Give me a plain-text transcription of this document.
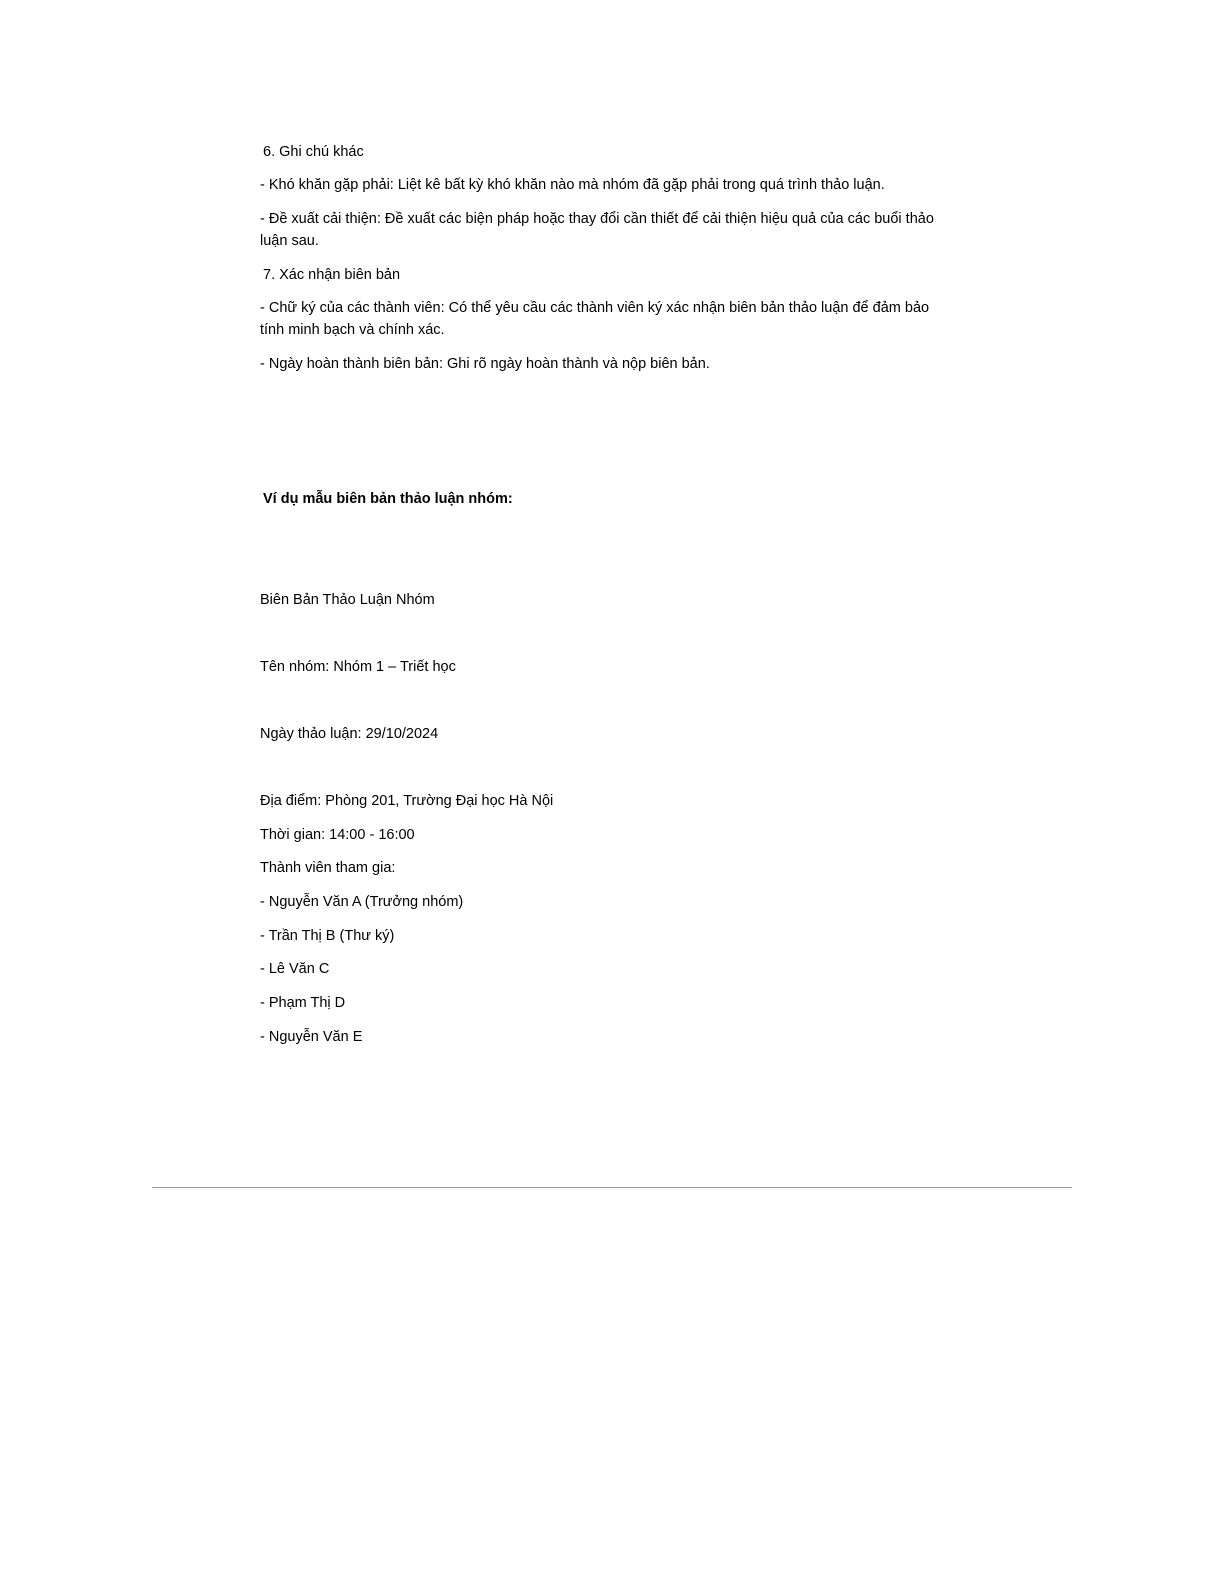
6. Ghi chú khác
- Khó khăn gặp phải: Liệt kê bất kỳ khó khăn nào mà nhóm đã gặp phải trong quá trình thảo luận.
- Đề xuất cải thiện: Đề xuất các biện pháp hoặc thay đổi cần thiết để cải thiện hiệu quả của các buổi thảo
luận sau.
7. Xác nhận biên bản
- Chữ ký của các thành viên: Có thể yêu cầu các thành viên ký xác nhận biên bản thảo luận để đảm bảo
tính minh bạch và chính xác.
- Ngày hoàn thành biên bản: Ghi rõ ngày hoàn thành và nộp biên bản.
Ví dụ mẫu biên bản thảo luận nhóm:
Biên Bản Thảo Luận Nhóm
Tên nhóm: Nhóm 1 – Triết học
Ngày thảo luận: 29/10/2024
Địa điểm: Phòng 201, Trường Đại học Hà Nội
Thời gian: 14:00 - 16:00
Thành viên tham gia:
- Nguyễn Văn A (Trưởng nhóm)
- Trần Thị B (Thư ký)
- Lê Văn C
- Phạm Thị D
- Nguyễn Văn E
